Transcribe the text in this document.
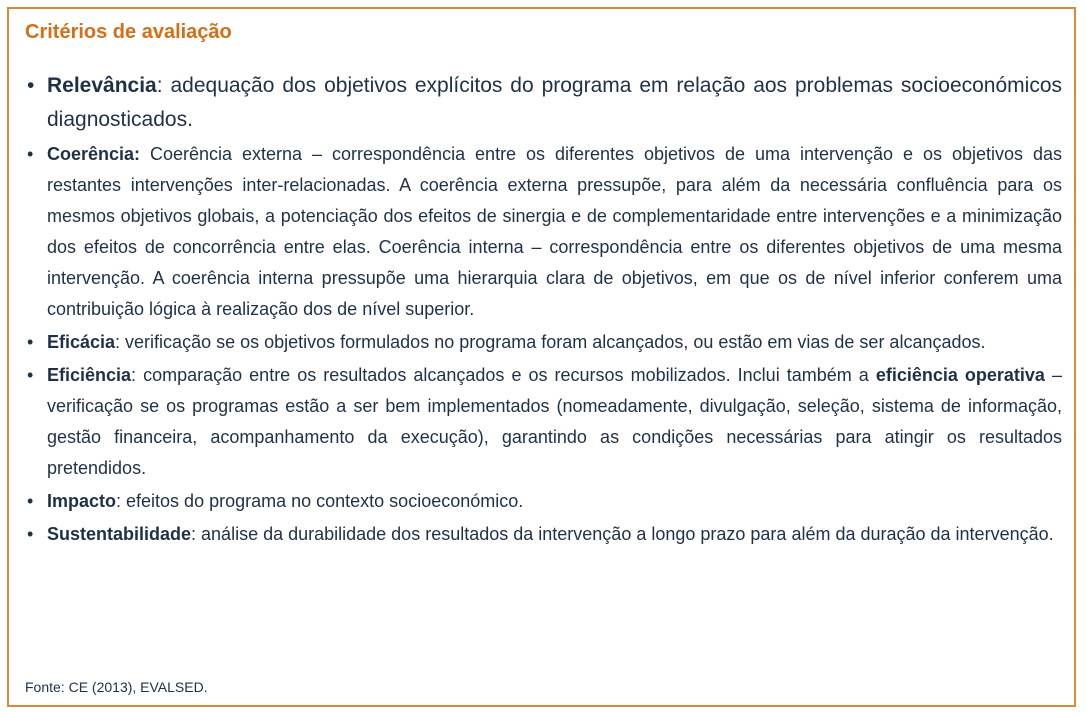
Critérios de avaliação
• Relevância: adequação dos objetivos explícitos do programa em relação aos problemas socioeconómicos diagnosticados.
• Coerência: Coerência externa – correspondência entre os diferentes objetivos de uma intervenção e os objetivos das restantes intervenções inter-relacionadas. A coerência externa pressupõe, para além da necessária confluência para os mesmos objetivos globais, a potenciação dos efeitos de sinergia e de complementaridade entre intervenções e a minimização dos efeitos de concorrência entre elas. Coerência interna – correspondência entre os diferentes objetivos de uma mesma intervenção. A coerência interna pressupõe uma hierarquia clara de objetivos, em que os de nível inferior conferem uma contribuição lógica à realização dos de nível superior.
• Eficácia: verificação se os objetivos formulados no programa foram alcançados, ou estão em vias de ser alcançados.
• Eficiência: comparação entre os resultados alcançados e os recursos mobilizados. Inclui também a eficiência operativa – verificação se os programas estão a ser bem implementados (nomeadamente, divulgação, seleção, sistema de informação, gestão financeira, acompanhamento da execução), garantindo as condições necessárias para atingir os resultados pretendidos.
• Impacto: efeitos do programa no contexto socioeconómico.
• Sustentabilidade: análise da durabilidade dos resultados da intervenção a longo prazo para além da duração da intervenção.
Fonte: CE (2013), EVALSED.
